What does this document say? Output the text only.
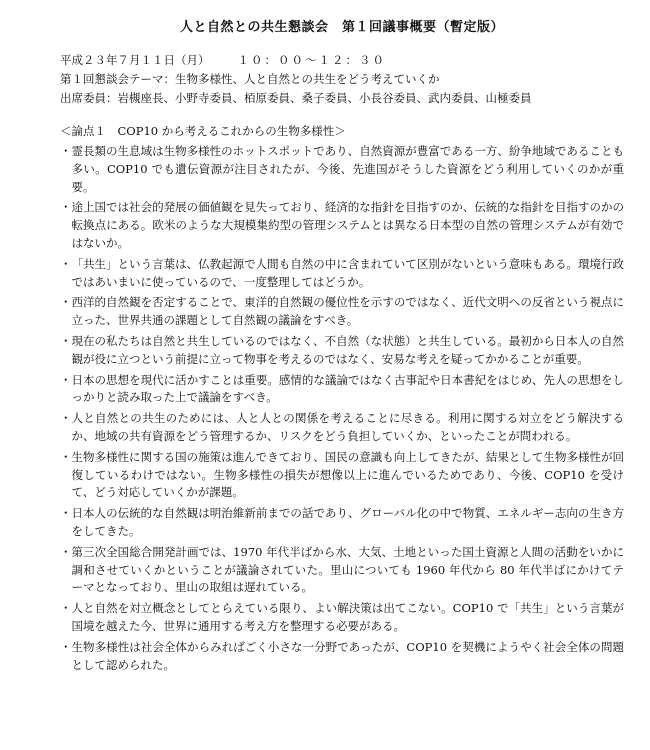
人と自然との共生懇談会　第１回議事概要（暫定版）
平成２３年７月１１日（月） １０：００〜１２：３０
第１回懇談会テーマ：生物多様性、人と自然との共生をどう考えていくか
出席委員：岩槻座長、小野寺委員、栢原委員、桑子委員、小長谷委員、武内委員、山極委員
＜論点１　COP10 から考えるこれからの生物多様性＞
・ 霊長類の生息域は生物多様性のホットスポットであり、自然資源が豊富である一方、紛争地域であることも多い。COP10 でも遺伝資源が注目されたが、今後、先進国がそうした資源をどう利用していくのかが重要。
・ 途上国では社会的発展の価値観を見失っており、経済的な指針を目指すのか、伝統的な指針を目指すのかの転換点にある。欧米のような大規模集約型の管理システムとは異なる日本型の自然の管理システムが有効ではないか。
・ 「共生」という言葉は、仏教起源で人間も自然の中に含まれていて区別がないという意味もある。環境行政ではあいまいに使っているので、一度整理してはどうか。
・ 西洋的自然観を否定することで、東洋的自然観の優位性を示すのではなく、近代文明への反省という視点に立った、世界共通の課題として自然観の議論をすべき。
・ 現在の私たちは自然と共生しているのではなく、不自然（な状態）と共生している。最初から日本人の自然観が役に立つという前提に立って物事を考えるのではなく、安易な考えを疑ってかかることが重要。
・ 日本の思想を現代に活かすことは重要。感情的な議論ではなく古事記や日本書紀をはじめ、先人の思想をしっかりと読み取った上で議論をすべき。
・ 人と自然との共生のためには、人と人との関係を考えることに尽きる。利用に関する対立をどう解決するか、地域の共有資源をどう管理するか、リスクをどう負担していくか、といったことが問われる。
・ 生物多様性に関する国の施策は進んできており、国民の意識も向上してきたが、結果として生物多様性が回復しているわけではない。生物多様性の損失が想像以上に進んでいるためであり、今後、COP10 を受けて、どう対応していくかが課題。
・ 日本人の伝統的な自然観は明治維新前までの話であり、グローバル化の中で物質、エネルギー志向の生き方をしてきた。
・ 第三次全国総合開発計画では、1970 年代半ばから水、大気、土地といった国土資源と人間の活動をいかに調和させていくかということが議論されていた。里山についても 1960 年代から 80 年代半ばにかけてテーマとなっており、里山の取組は遅れている。
・ 人と自然を対立概念としてとらえている限り、よい解決策は出てこない。COP10 で「共生」という言葉が国境を越えた今、世界に通用する考え方を整理する必要がある。
・ 生物多様性は社会全体からみればごく小さな一分野であったが、COP10 を契機にようやく社会全体の問題として認められた。
